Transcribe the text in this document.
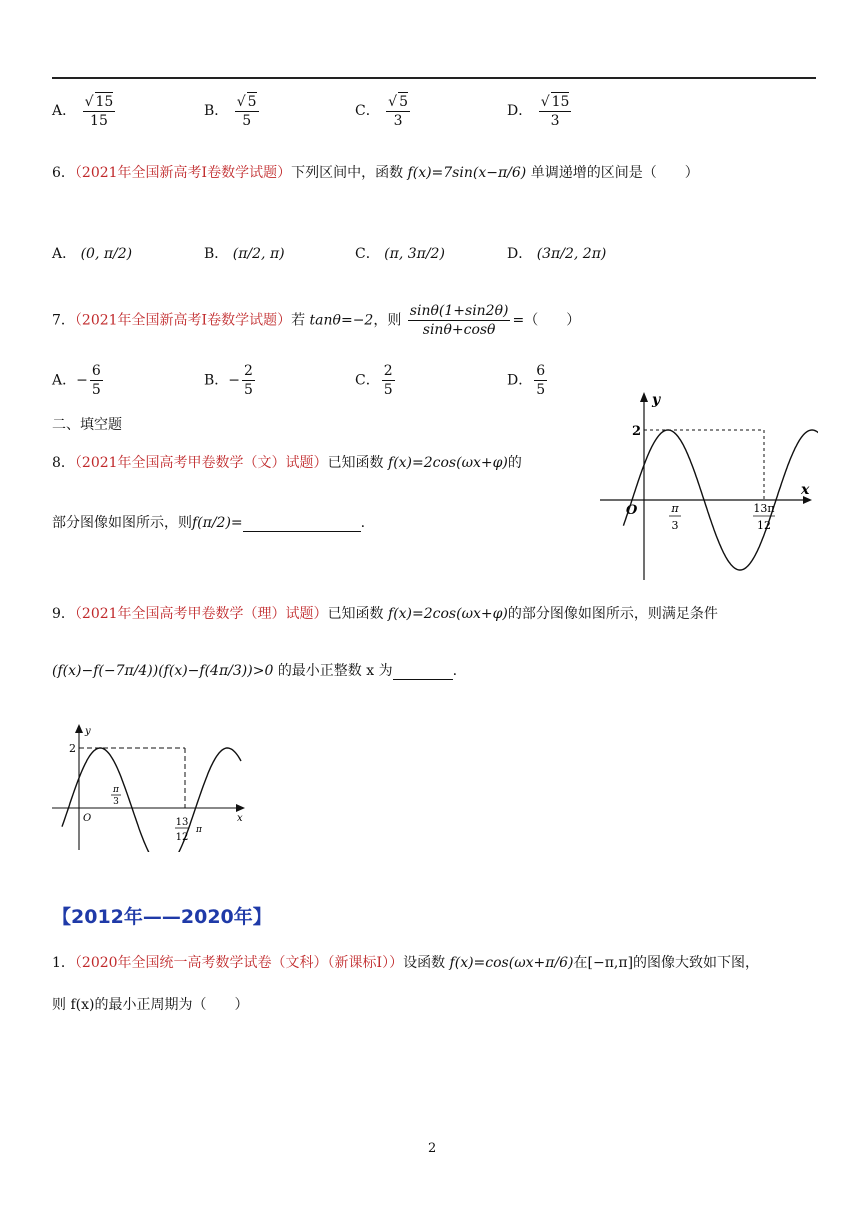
A． $\frac{√ 15}{15}$	B． $\frac{√ 5}{5}$	C． $\frac{√ 5}{3}$	D． $\frac{√ 15}{3}$
6．（2021年全国新高考Ⅰ卷数学试题）下列区间中，函数 f(x)=7sin(x−π/6) 单调递增的区间是（　　）
A． (0, π/2)	B． (π/2, π)	C． (π, 3π/2)	D． (3π/2, 2π)
7．（2021年全国新高考Ⅰ卷数学试题）若 tanθ=−2，则 $\frac{\sin\theta(1+\sin 2\theta)}{\sin\theta+\cos\theta}$ =（　　）
A．− $\frac{6}{5}$	B．− $\frac{2}{5}$	C． $\frac{2}{5}$	D． $\frac{6}{5}$
二、填空题
8．（2021年全国高考甲卷数学（文）试题）已知函数 f(x)=2cos(ωx+φ)的
部分图像如图所示，则f(π/2)=	.
y
x
O
2
π
3
13π
12
9．（2021年全国高考甲卷数学（理）试题）已知函数 f(x)=2cos(ωx+φ)的部分图像如图所示，则满足条件
(f(x)−f(−7π/4))(f(x)−f(4π/3))>0 的最小正整数 x 为	.
y
x
O
2
π
3
13
12
π
【2012年——2020年】
1．（2020年全国统一高考数学试卷（文科）（新课标Ⅰ））设函数 f(x)=cos(ωx+π/6)在[−π,π]的图像大致如下图，
则 f(x)的最小正周期为（　　）
2
